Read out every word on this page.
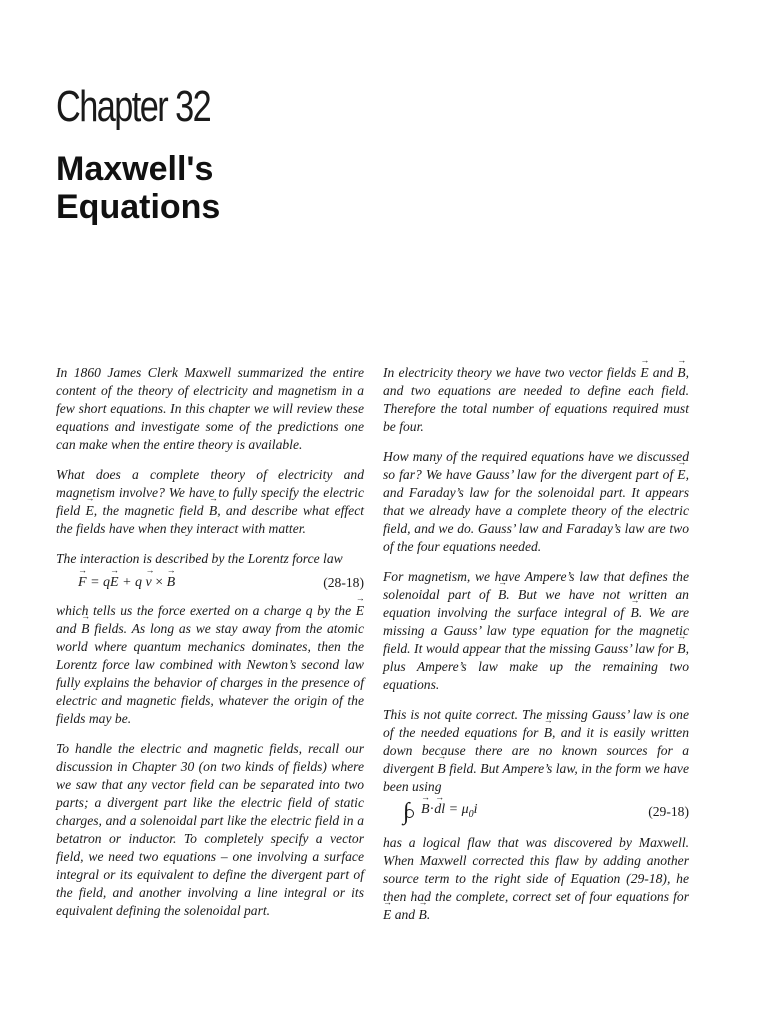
Chapter 32
Maxwell's
Equations

In 1860 James Clerk Maxwell summarized the entire content of the theory of electricity and magnetism in a few short equations. In this chapter we will review these equations and investigate some of the predictions one can make when the entire theory is available.

What does a complete theory of electricity and magnetism involve? We have to fully specify the electric field → E, the magnetic field → B, and describe what effect the fields have when they interact with matter.

The interaction is described by the Lorentz force law

→ F = q→ E + q → v × → B	(28-18)

which tells us the force exerted on a charge q by the → E and → B fields. As long as we stay away from the atomic world where quantum mechanics dominates, then the Lorentz force law combined with Newton’s second law fully explains the behavior of charges in the presence of electric and magnetic fields, whatever the origin of the fields may be.

To handle the electric and magnetic fields, recall our discussion in Chapter 30 (on two kinds of fields) where we saw that any vector field can be separated into two parts; a divergent part like the electric field of static charges, and a solenoidal part like the electric field in a betatron or inductor. To completely specify a vector field, we need two equations – one involving a surface integral or its equivalent to define the divergent part of the field, and another involving a line integral or its equivalent defining the solenoidal part.

In electricity theory we have two vector fields → E and → B, and two equations are needed to define each field. Therefore the total number of equations required must be four.

How many of the required equations have we discussed so far? We have Gauss’ law for the divergent part of → E, and Faraday’s law for the solenoidal part. It appears that we already have a complete theory of the electric field, and we do. Gauss’ law and Faraday’s law are two of the four equations needed.

For magnetism, we have Ampere’s law that defines the solenoidal part of → B. But we have not written an equation involving the surface integral of → B. We are missing a Gauss’ law type equation for the magnetic field. It would appear that the missing Gauss’ law for → B, plus Ampere’s law make up the remaining two equations.

This is not quite correct. The missing Gauss’ law is one of the needed equations for → B, and it is easily written down because there are no known sources for a divergent → B field. But Ampere’s law, in the form we have been using

∫
→ B·→ dl = $\mu_0i$	(29-18)

has a logical flaw that was discovered by Maxwell. When Maxwell corrected this flaw by adding another source term to the right side of Equation (29-18), he then had the complete, correct set of four equations for → E and → B.
